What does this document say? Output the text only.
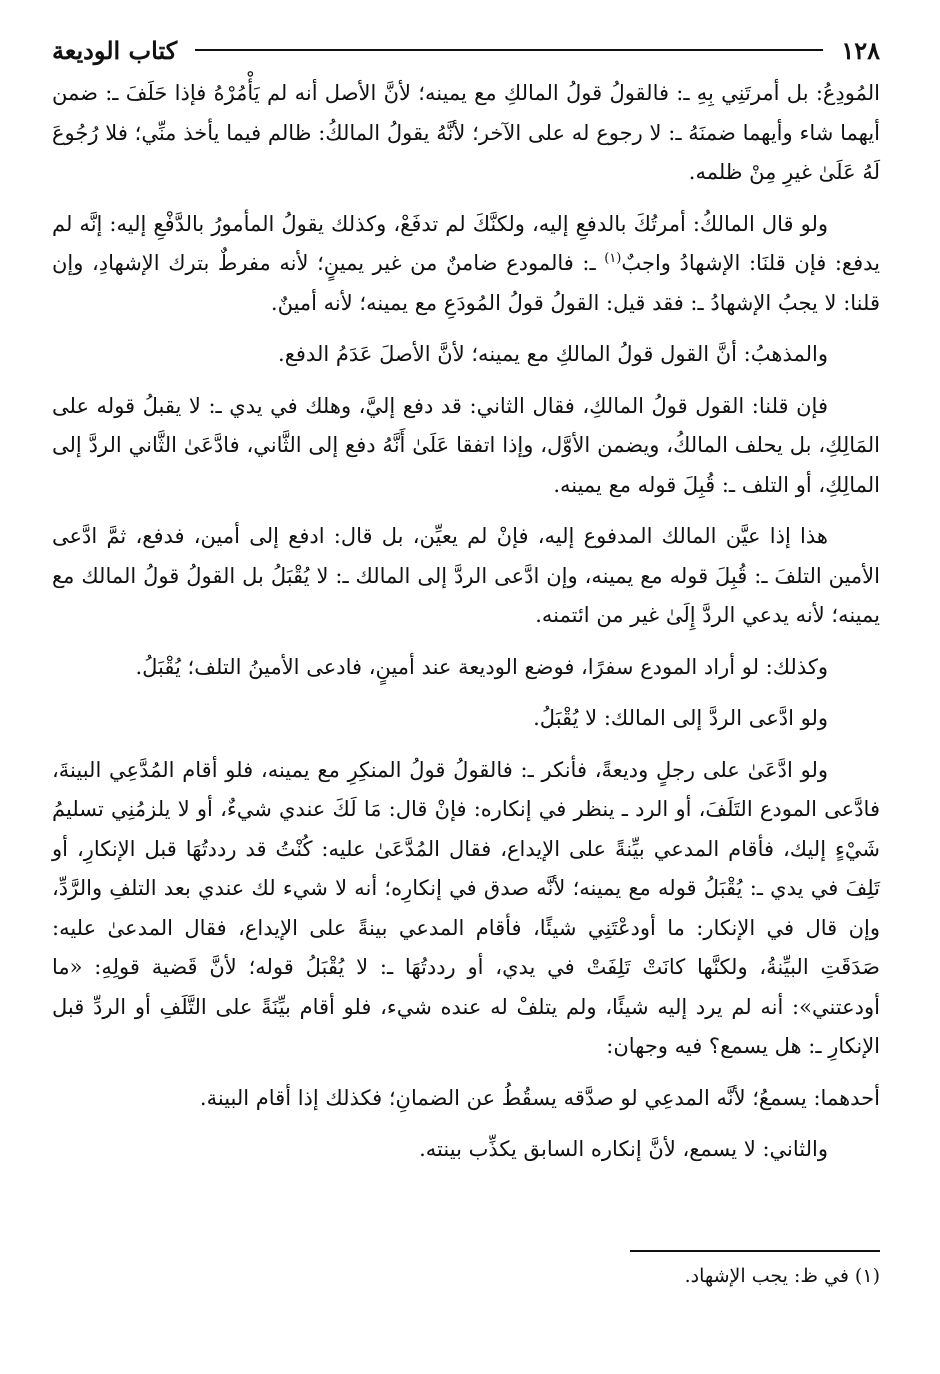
١٢٨
كتاب الوديعة

المُودِعُ: بل أمرتَنِي بِهِ ـ: فالقولُ قولُ المالكِ مع يمينه؛ لأنَّ الأصل أنه لم يَأْمُرْهُ فإذا حَلَفَ ـ: ضمن أيهما شاء وأيهما ضمنَهُ ـ: لا رجوع له على الآخر؛ لأنَّهُ يقولُ المالكُ: ظالم فيما يأخذ منِّي؛ فلا رُجُوعَ لَهُ عَلَىٰ غيرِ مِنْ ظلمه.

ولو قال المالكُ: أمرتُكَ بالدفعِ إليه، ولكنَّكَ لم تدفَعْ، وكذلك يقولُ المأمورُ بالدَّفْعِ إليه: إنَّه لم يدفع: فإن قلنَا: الإشهادُ واجبٌ$^{(١)}$ ـ: فالمودع ضامنٌ من غير يمينٍ؛ لأنه مفرطٌ بترك الإشهادِ، وإن قلنا: لا يجبُ الإشهادُ ـ: فقد قيل: القولُ قولُ المُودَعِ مع يمينه؛ لأنه أمينٌ.

والمذهبُ: أنَّ القول قولُ المالكِ مع يمينه؛ لأنَّ الأصلَ عَدَمُ الدفع.

فإن قلنا: القول قولُ المالكِ، فقال الثاني: قد دفع إليَّ، وهلك في يدي ـ: لا يقبلُ قوله على المَالِكِ، بل يحلف المالكُ، ويضمن الأوَّل، وإذا اتفقا عَلَىٰ أَنَّهُ دفع إلى الثَّاني، فادَّعَىٰ الثَّاني الردَّ إلى المالِكِ، أو التلف ـ: قُبِلَ قوله مع يمينه.

هذا إذا عيَّن المالك المدفوع إليه، فإنْ لم يعيِّن، بل قال: ادفع إلى أمين، فدفع، ثمَّ ادَّعى الأمين التلفَ ـ: قُبِلَ قوله مع يمينه، وإن ادَّعى الردَّ إلى المالك ـ: لا يُقْبَلُ بل القولُ قولُ المالك مع يمينه؛ لأنه يدعي الردَّ إِلَىٰ غير من ائتمنه.

وكذلك: لو أراد المودع سفرًا، فوضع الوديعة عند أمينٍ، فادعى الأمينُ التلف؛ يُقْبَلُ.

ولو ادَّعى الردَّ إلى المالك: لا يُقْبَلُ.

ولو ادَّعَىٰ على رجلٍ وديعةً، فأنكر ـ: فالقولُ قولُ المنكِرِ مع يمينه، فلو أقام المُدَّعِي البينةَ، فادَّعى المودع التَلَفَ، أو الرد ـ ينظر في إنكاره: فإنْ قال: مَا لَكَ عندي شيءٌ، أو لا يلزمُنِي تسليمُ شَيْءٍ إليك، فأقام المدعي بيِّنةً على الإيداع، فقال المُدَّعَىٰ عليه: كُنْتُ قد رددتُهَا قبل الإنكارِ، أو تَلِفَ في يدي ـ: يُقْبَلُ قوله مع يمينه؛ لأنَّه صدق في إنكارِه؛ أنه لا شيء لك عندي بعد التلفِ والرَّدِّ، وإن قال في الإنكار: ما أودعْتَنِي شيئًا، فأقام المدعي بينةً على الإيداع، فقال المدعىٰ عليه: صَدَقَتِ البيِّنةُ، ولكنَّها كانَتْ تَلِفَتْ في يدي، أو رددتُهَا ـ: لا يُقْبَلُ قوله؛ لأنَّ قَضية قولِهِ: «ما أودعتني»: أنه لم يرد إليه شيئًا، ولم يتلفْ له عنده شيء، فلو أقام بيِّنَةً على التَّلَفِ أو الردِّ قبل الإنكارِ ـ: هل يسمع؟ فيه وجهان:

أحدهما: يسمعُ؛ لأنَّه المدعِي لو صدَّقه يسقُطُ عن الضمانِ؛ فكذلك إذا أقام البينة.

والثاني: لا يسمع، لأنَّ إنكاره السابق يكذِّب بينته.

(١) في ظ: يجب الإشهاد.
